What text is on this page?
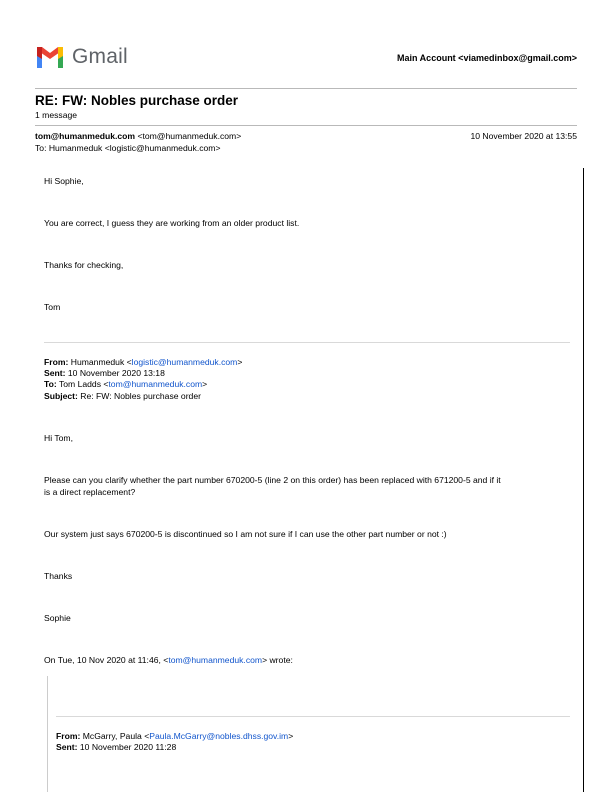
Gmail	Main Account <viamedinbox@gmail.com>
RE: FW: Nobles purchase order
1 message
tom@humanmeduk.com <tom@humanmeduk.com>	10 November 2020 at 13:55
To: Humanmeduk <logistic@humanmeduk.com>
Hi Sophie,
You are correct, I guess they are working from an older product list.
Thanks for checking,
Tom
From: Humanmeduk <logistic@humanmeduk.com>
Sent: 10 November 2020 13:18
To: Tom Ladds <tom@humanmeduk.com>
Subject: Re: FW: Nobles purchase order
Hi Tom,
Please can you clarify whether the part number 670200-5 (line 2 on this order) has been replaced with 671200-5 and if it
is a direct replacement?
Our system just says 670200-5 is discontinued so I am not sure if I can use the other part number or not :)
Thanks
Sophie
On Tue, 10 Nov 2020 at 11:46, <tom@humanmeduk.com> wrote:
From: McGarry, Paula <Paula.McGarry@nobles.dhss.gov.im>
Sent: 10 November 2020 11:28
